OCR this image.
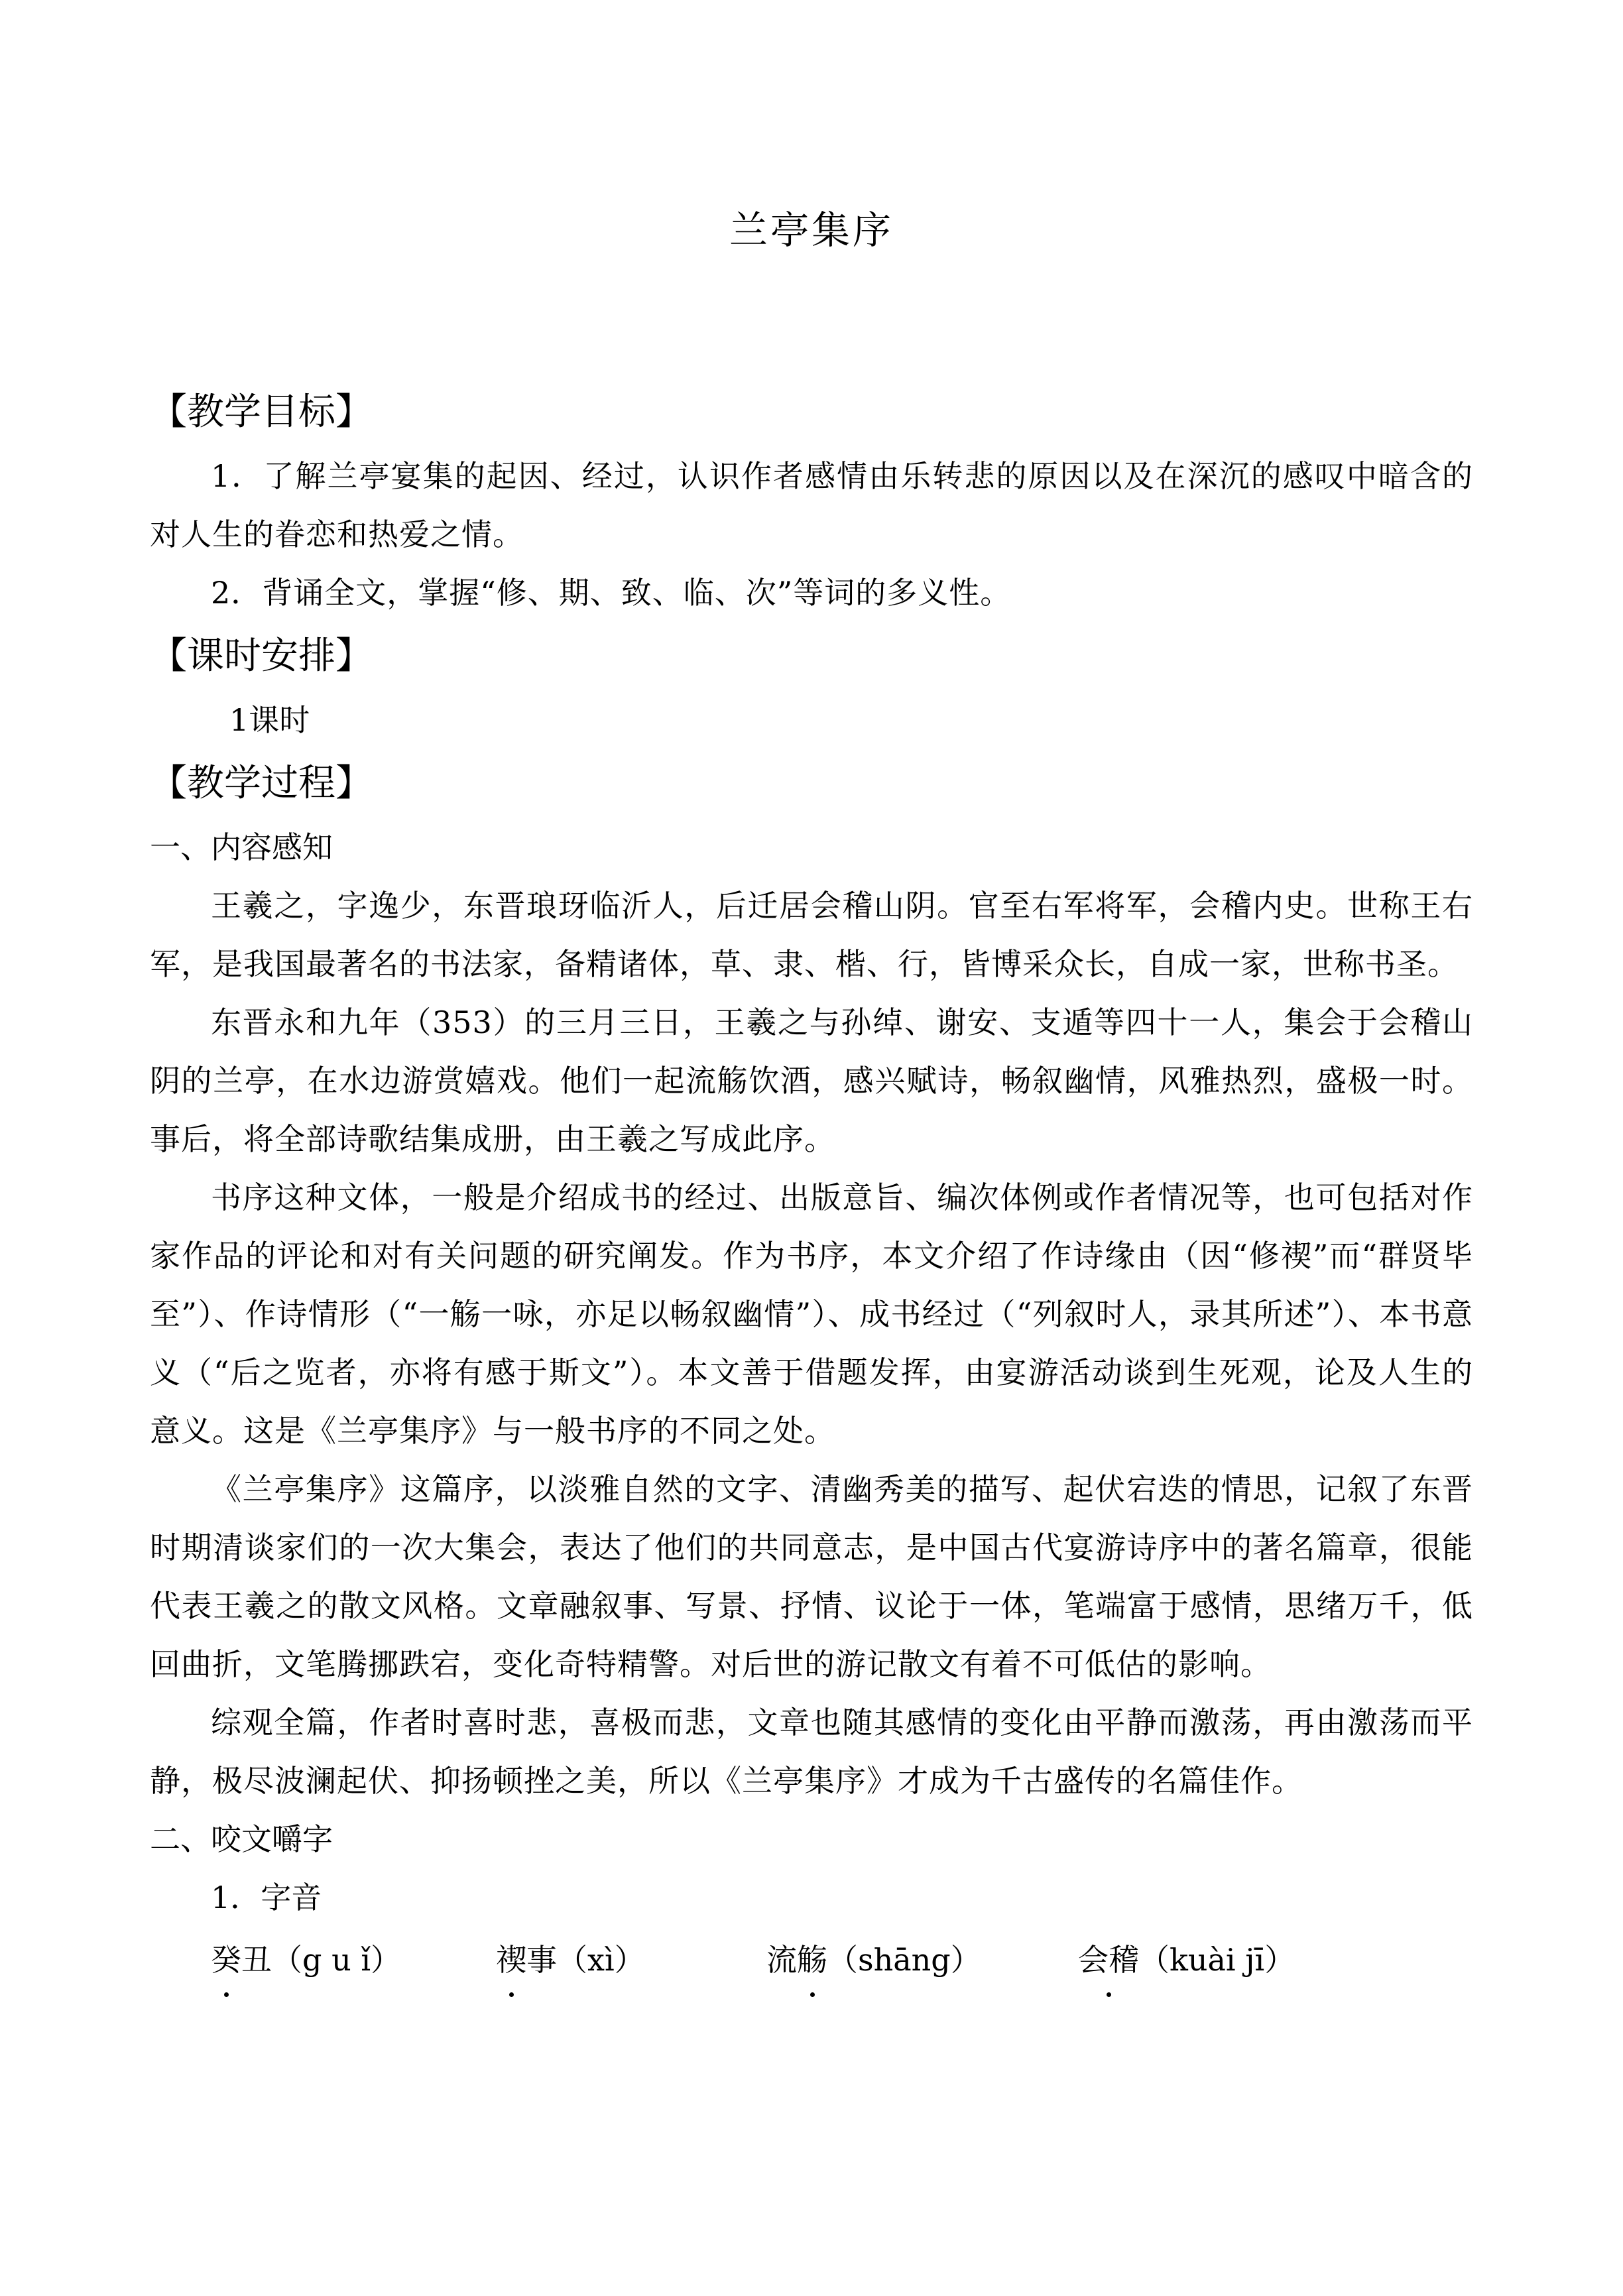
兰亭集序
【教学目标】

1．了解兰亭宴集的起因、经过，认识作者感情由乐转悲的原因以及在深沉的感叹中暗含的对人生的眷恋和热爱之情。

2．背诵全文，掌握“修、期、致、临、次”等词的多义性。

【课时安排】

1课时

【教学过程】
一、内容感知

王羲之，字逸少，东晋琅玡临沂人，后迁居会稽山阴。官至右军将军，会稽内史。世称王右军，是我国最著名的书法家，备精诸体，草、隶、楷、行，皆博采众长，自成一家，世称书圣。

东晋永和九年（353）的三月三日，王羲之与孙绰、谢安、支遁等四十一人，集会于会稽山阴的兰亭，在水边游赏嬉戏。他们一起流觞饮酒，感兴赋诗，畅叙幽情，风雅热烈，盛极一时。事后，将全部诗歌结集成册，由王羲之写成此序。

书序这种文体，一般是介绍成书的经过、出版意旨、编次体例或作者情况等，也可包括对作家作品的评论和对有关问题的研究阐发。作为书序，本文介绍了作诗缘由（因“修禊”而“群贤毕至”）、作诗情形（“一觞一咏，亦足以畅叙幽情”）、成书经过（“列叙时人，录其所述”）、本书意义（“后之览者，亦将有感于斯文”）。本文善于借题发挥，由宴游活动谈到生死观，论及人生的意义。这是《兰亭集序》与一般书序的不同之处。

《兰亭集序》这篇序，以淡雅自然的文字、清幽秀美的描写、起伏宕迭的情思，记叙了东晋时期清谈家们的一次大集会，表达了他们的共同意志，是中国古代宴游诗序中的著名篇章，很能代表王羲之的散文风格。文章融叙事、写景、抒情、议论于一体，笔端富于感情，思绪万千，低回曲折，文笔腾挪跌宕，变化奇特精警。对后世的游记散文有着不可低估的影响。

综观全篇，作者时喜时悲，喜极而悲，文章也随其感情的变化由平静而激荡，再由激荡而平静，极尽波澜起伏、抑扬顿挫之美，所以《兰亭集序》才成为千古盛传的名篇佳作。

二、咬文嚼字

1．字音

癸丑（g u ǐ）	禊事（xì）	流觞（shāng）	会稽（kuài jī）
